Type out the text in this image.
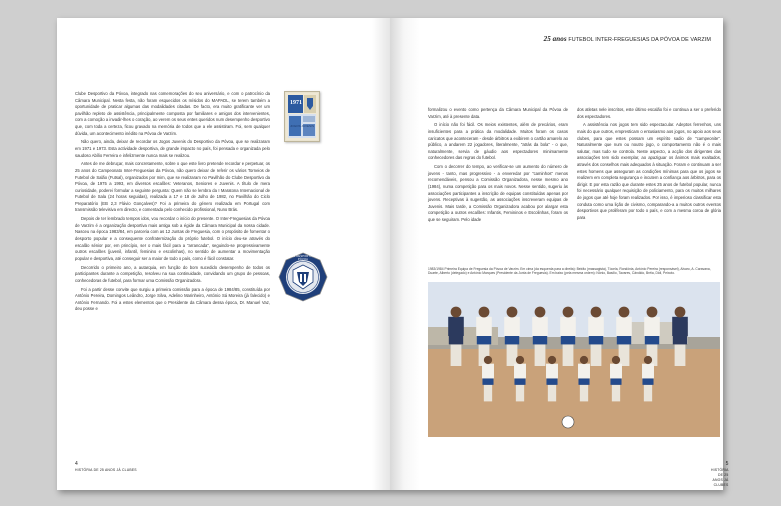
Clube Desportivo da Póvoa, integrado nas comemorações do seu aniversário, e com o patrocínio da Câmara Municipal. Nesta festa, não foram esquecidos os mísidos do MAPADL, se terem também a oportunidade de praticar algumas das modalidades citadas. De facto, era muito gratificante ver um pavilhão repleto de assistência, principalmente composta por familiares e amigos dos intervenientes, com a comoção a invadir-lhes o coração, ao verem os seus entes queridos num desempenho desportivo que, com toda a certeza, ficou gravado na memória de todos que a ele assistiram. Foi, sem qualquer dúvida, um acontecimento inédito na Póvoa de Varzim.

Não quero, ainda, deixar de recordar os Jogos Juvenis do Desportivo da Póvoa, que se realizaram em 1971 e 1973. Esta actividade desportiva, de grande impacto no país, foi pensada e organizada pelo saudoso Abílio Ferreira e infelizmente nunca mais se realizou.

Antes de me debruçar, mais concretamente, sobre o que este livro pretende recordar e perpetuar, os 25 anos do Campeonato Inter-Freguesias da Póvoa, não quero deixar de referir os vários Torneios de Futebol de Salão (Futsal), organizados por mim, que se realizaram no Pavilhão do Clube Desportivo da Póvoa, de 1975 a 1993, em diversos escalões: Veteranos, Seniores e Juvenis. A título de mera curiosidade, poderei formular a seguinte pergunta: Quem não se lembra da I Maratona Internacional de Futebol de Sala (24 horas seguidas), realizada a 17 e 18 de Julho de 1982, no Pavilhão do Ciclo Preparatório (EB 2,3 Flávio Gonçalves)? Foi a primeira do género realizada em Portugal com transmissão televisiva em directo, e comentada pelo conhecido profissional, Nuno Brás.

Depois de ter lembrado tempos idos, vou recordar o início do presente. O Inter-Freguesias da Póvoa de Varzim é a organização desportiva mais antiga sob a égide da Câmara Municipal da nossa cidade. Nasceu na época 1983/84, em parceria com as 12 Juntas de Freguesia, com o propósito de fomentar o desporto popular e a consequente confraternização do próprio futebol. O início deu-se através do escalão sénior por, em princípio, ser o mais fácil para a "arrancada", seguindo-se progressivamente outros escalões (juvenil, infantil, feminino e escolinhas), no sentido de aumentar a movimentação popular e desportiva, até conseguir ser a maior de todo o país, como é fácil constatar.

Decorrido o primeiro ano, a autarquia, em função do bom sucedido desempenho de todos os participantes durante a competição, resolveu na sua continuidade, convidando um grupo de pessoas, conhecedoras de futebol, para formar uma Comissão Organizadora.

Foi a partir desse convite que surgiu a primeira comissão para a época de 1984/85, constituída por António Pereira, Domingos Leândro, Jorge Silva, Adelino Marinheiro, António Sá Moreira (já falecido) e António Fernando. Foi a estes elementos que o Presidente da Câmara dessa época, Dr. Manuel Vaz, deu posse e

1971
JOGOS JUVENIS
CLUBE DESPORTIVO DA PÓVOA
4
HISTÓRIA DE 25 ANOS JÁ CLUBES
25 anos FUTEBOL INTER-FREGUESIAS DA PÓVOA DE VARZIM

formalizou o evento como pertença da Câmara Municipal da Póvoa de Varzim, até à presente data.

O início não foi fácil. Os meios existentes, além de precários, eram insuficientes para a prática da modalidade. Muitos foram os casos caricatos que aconteceram - desde árbitros a exibirem o cartão amarelo ao público, a andarem 22 jogadores, literalmente, "atrás da bola" - o que, naturalmente, servia de gáudio aos espectadores minimamente conhecedores das regras do futebol.

Com o decorrer do tempo, ao verificar-se um aumento do número de jovens - tanto, mas progressivo - a enveredar por "caminhos" menos recomendáveis, pensou a Comissão Organizadora, nesse mesmo ano (1984), numa competição para os mais novos. Nesse sentido, sugeriu às associações participantes a inscrição de equipas constituídas apenas por jovens. Receptivas à sugestão, as associações inscreveram equipas de Juvenis. Mais tarde, a Comissão Organizadora acabou por alargar esta competição a outros escalões: Infantis, Femininos e Escolinhas, foram os que se seguiram. Pelo idade

dos atletas nele inscritos, este último escalão foi e continua a ser o preferido dos espectadores.

A assistência nos jogos tem sido espectacular. Adeptos ferrenhos, uns mais do que outros, empresticam o entusiasmo aos jogos, no apoio aos seus clubes, para que estes possam um espírito sadio de "campeonite". Naturalmente que num ou noutro jogo, o comportamento não é o mais salutar, mas tudo se controla. Neste aspecto, a acção dos dirigentes das associações tem sido exemplar, ao apaziguar os ânimos mais exaltados, através dos conselhos mais adequados à situação. Foram e continuam a ser estes homens que asseguram as condições mínimas para que os jogos se realizem em completa segurança e incutem a confiança aos árbitros, para os dirigir. E por esta razão que durante estes 25 anos de futebol popular, nunca foi necessário qualquer requisição de policiamento, para os muitos milhares de jogos que até hoje foram realizados. Por isso, é imperioso classificar esta conduta como uma lição de civismo, comparando-a a muitos outros eventos desportivos que proliferam por todo o país, e com a mesma coroa de glória para

5
HISTÓRIA DE 25 ANOS JÁ CLUBES
1983/1984 Primeira Equipa de Freguesia da Póvoa de Varzim. Em cima (da esquerda para a direita): Beirão (massagista), Tócela, Rondônia, António Pereira (responsável), Alvaro, A. Caravana, Duarte, Alberto (delegado) e António Marques (Presidente da Junta de Freguesia). Em baixo (pela mesma ordem): Nônio, Basílio, Tavares, Cândido, Bréia, Didi, Peixoto.
